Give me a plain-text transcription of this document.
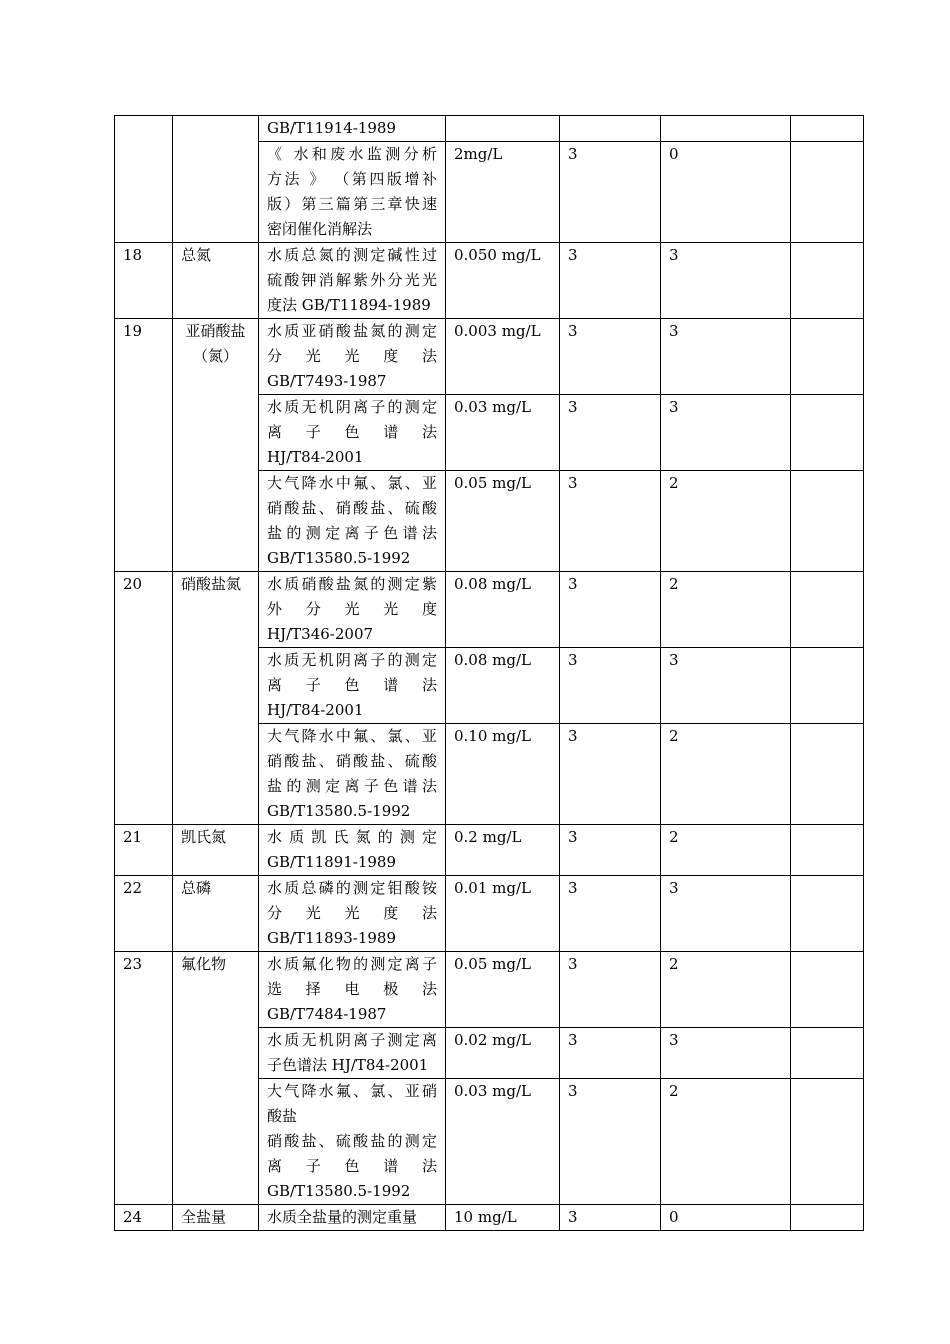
		GB/T11914-1989				

		《 水和废水监测分析
方法 》 （第四版增补
版）第三篇第三章快速
密闭催化消解法	2mg/L	3	0	
18	总氮	水质总氮的测定碱性过
硫酸钾消解紫外分光光
度法 GB/T11894-1989	0.050 mg/L	3	3	
19	亚硝酸盐（氮）	水质亚硝酸盐氮的测定
分　光　光　度　法
GB/T7493-1987	0.003 mg/L	3	3	

		水质无机阴离子的测定
离　子　色　谱　法
HJ/T84-2001	0.03 mg/L	3	3	

		大气降水中氟、氯、亚
硝酸盐、硝酸盐、硫酸
盐的测定离子色谱法
GB/T13580.5-1992	0.05 mg/L	3	2	
20	硝酸盐氮	水质硝酸盐氮的测定紫
外　分　光　光　度
HJ/T346-2007	0.08 mg/L	3	2	

		水质无机阴离子的测定
离　子　色　谱　法
HJ/T84-2001	0.08 mg/L	3	3	

		大气降水中氟、氯、亚
硝酸盐、硝酸盐、硫酸
盐的测定离子色谱法
GB/T13580.5-1992	0.10 mg/L	3	2	
21	凯氏氮	水质凯氏氮的测定
GB/T11891-1989	0.2 mg/L	3	2	
22	总磷	水质总磷的测定钼酸铵
分　光　光　度　法
GB/T11893-1989	0.01 mg/L	3	3	
23	氟化物	水质氟化物的测定离子
选　择　电　极　法
GB/T7484-1987	0.05 mg/L	3	2	

		水质无机阴离子测定离
子色谱法 HJ/T84-2001	0.02 mg/L	3	3	

		大气降水氟、氯、亚硝
酸盐
硝酸盐、硫酸盐的测定
离　子　色　谱　法
GB/T13580.5-1992	0.03 mg/L	3	2	
24	全盐量	水质全盐量的测定重量	10 mg/L	3	0	
